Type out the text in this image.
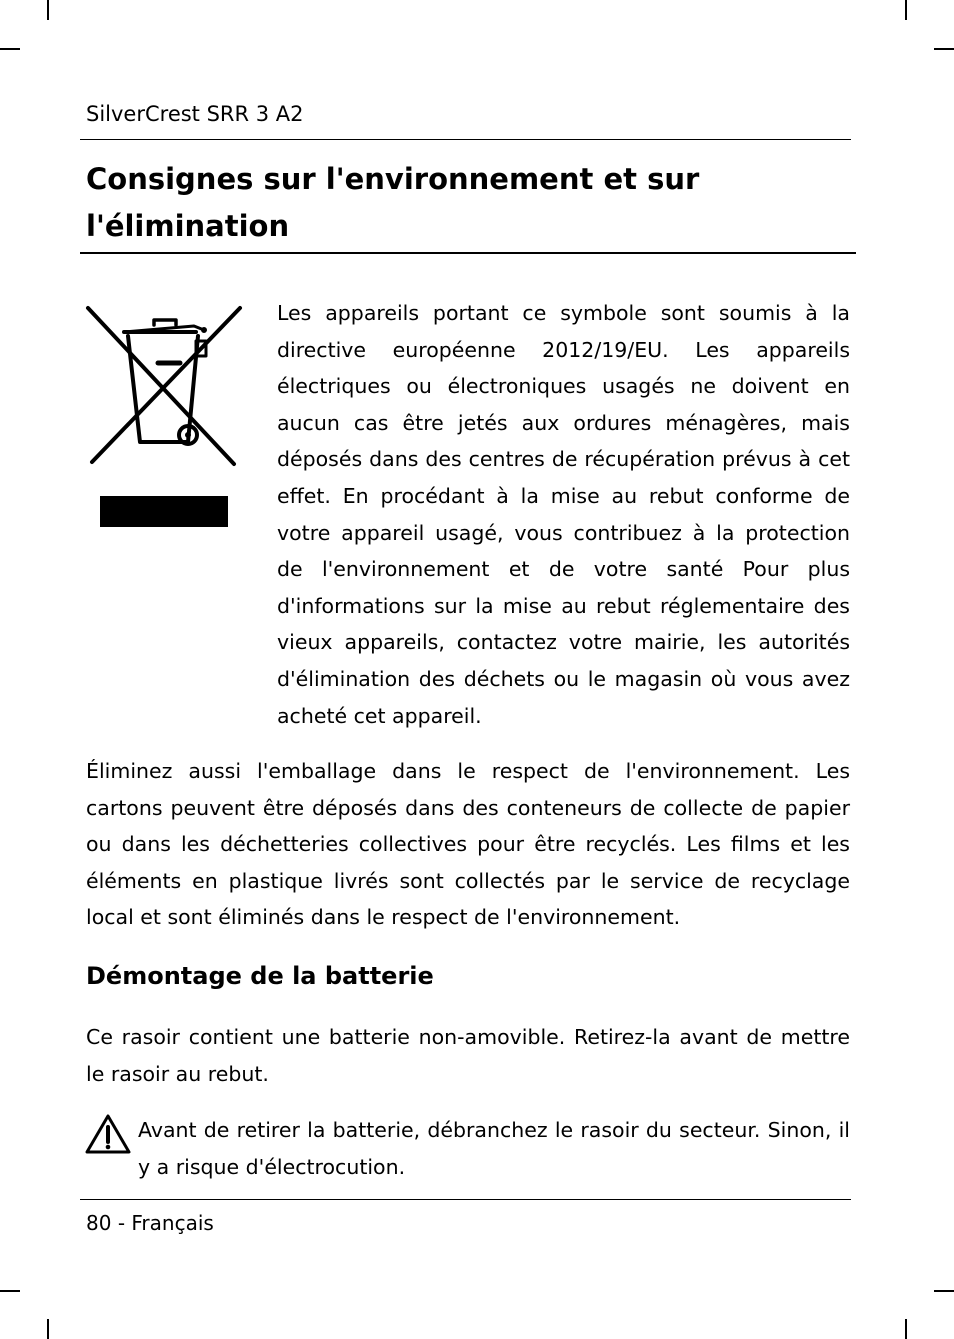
SilverCrest SRR 3 A2
Consignes sur l'environnement et sur l'élimination

Les appareils portant ce symbole sont soumis à la directive européenne 2012/19/EU. Les appareils électriques ou électroniques usagés ne doivent en aucun cas être jetés aux ordures ménagères, mais déposés dans des centres de récupération prévus à cet effet. En procédant à la mise au rebut conforme de votre appareil usagé, vous contribuez à la protection de l'environnement et de votre santé Pour plus d'informations sur la mise au rebut réglementaire des vieux appareils, contactez votre mairie, les autorités d'élimination des déchets ou le magasin où vous avez acheté cet appareil.

Éliminez aussi l'emballage dans le respect de l'environnement. Les cartons peuvent être déposés dans des conteneurs de collecte de papier ou dans les déchetteries collectives pour être recyclés. Les films et les éléments en plastique livrés sont collectés par le service de recyclage local et sont éliminés dans le respect de l'environnement.

Démontage de la batterie

Ce rasoir contient une batterie non-amovible. Retirez-la avant de mettre le rasoir au rebut.

Avant de retirer la batterie, débranchez le rasoir du secteur. Sinon, il y a risque d'électrocution.

80 - Français
